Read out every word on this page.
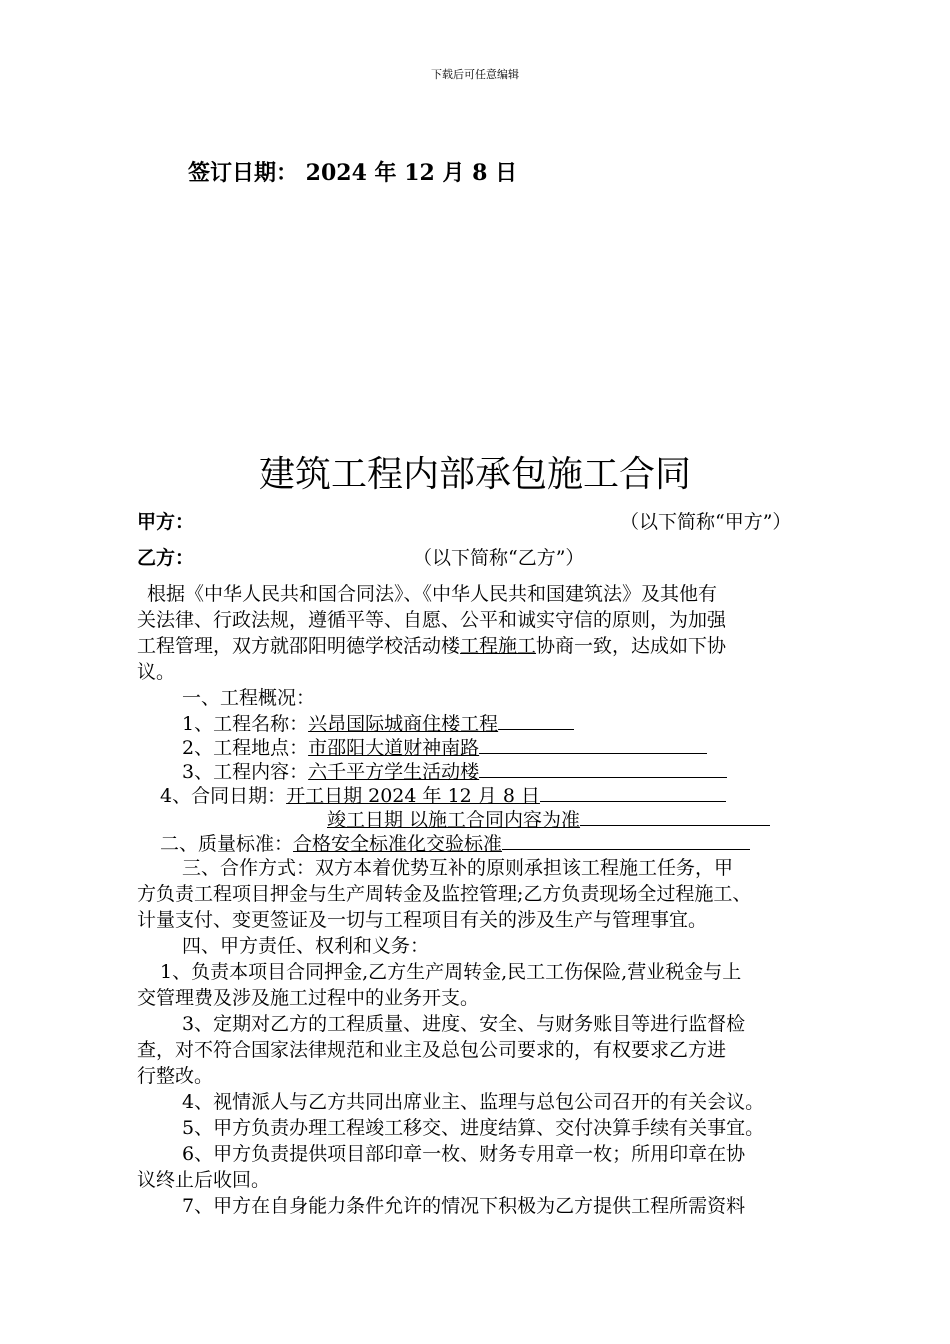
下载后可任意编辑
签订日期： 2024 年 12 月 8 日
建筑工程内部承包施工合同
甲方：	（以下简称“甲方”）
乙方：	（以下简称“乙方”）
根据《中华人民共和国合同法》、《中华人民共和国建筑法》及其他有
关法律、行政法规，遵循平等、自愿、公平和诚实守信的原则，为加强
工程管理，双方就邵阳明德学校活动楼工程施工协商一致，达成如下协
议。
一、工程概况：
1、工程名称：兴昂国际城商住楼工程
2、工程地点：市邵阳大道财神南路
3、工程内容：六千平方学生活动楼
4、合同日期：开工日期 2024 年 12 月 8 日
竣工日期 以施工合同内容为准
二、质量标准：合格安全标准化交验标准
三、合作方式：双方本着优势互补的原则承担该工程施工任务，甲
方负责工程项目押金与生产周转金及监控管理;乙方负责现场全过程施工、
计量支付、变更签证及一切与工程项目有关的涉及生产与管理事宜。
四、甲方责任、权利和义务：
1、负责本项目合同押金,乙方生产周转金,民工工伤保险,营业税金与上
交管理费及涉及施工过程中的业务开支。
3、定期对乙方的工程质量、进度、安全、与财务账目等进行监督检
查，对不符合国家法律规范和业主及总包公司要求的，有权要求乙方进
行整改。
4、视情派人与乙方共同出席业主、监理与总包公司召开的有关会议。
5、甲方负责办理工程竣工移交、进度结算、交付决算手续有关事宜。
6、甲方负责提供项目部印章一枚、财务专用章一枚；所用印章在协
议终止后收回。
7、甲方在自身能力条件允许的情况下积极为乙方提供工程所需资料
